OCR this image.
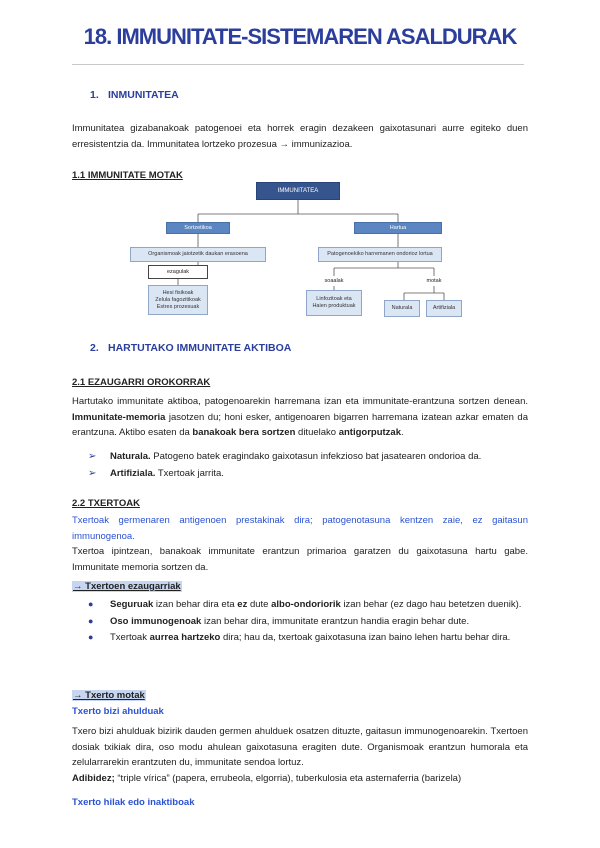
18. IMMUNITATE-SISTEMAREN ASALDURAK
1. INMUNITATEA
Immunitatea gizabanakoak patogenoei eta horrek eragin dezakeen gaixotasunari aurre egiteko duen erresistentzia da. Immunitatea lortzeko prozesua → immunizazioa.
1.1 IMMUNITATE MOTAK
IMMUNITATEA
Sortzetikoa	Hartua
Organismoak jaiotzetik daukan erasoena	Patogenoekiko harremanen ondorioz lortua
ezagulak
Hesi fisikoak
Zelula fagozitikoak
Estres prozesuak
soaalak
Linfozitoak eta
Haien produktuak
motak
Naturala	Artifiziala
2. HARTUTAKO IMMUNITATE AKTIBOA
2.1 EZAUGARRI OROKORRAK
Hartutako immunitate aktiboa, patogenoarekin harremana izan eta immunitate-erantzuna sortzen denean. Immunitate-memoria jasotzen du; honi esker, antigenoaren bigarren harremana izatean azkar ematen da erantzuna. Aktibo esaten da banakoak bera sortzen dituelako antigorputzak.
➢ Naturala. Patogeno batek eragindako gaixotasun infekzioso bat jasatearen ondorioa da.
➢ Artifiziala. Txertoak jarrita.
2.2 TXERTOAK
Txertoak germenaren antigenoen prestakinak dira; patogenotasuna kentzen zaie, ez gaitasun immunogenoa.
Txertoa ipintzean, banakoak immunitate erantzun primarioa garatzen du gaixotasuna hartu gabe. Immunitate memoria sortzen da.
→ Txertoen ezaugarriak
● Seguruak izan behar dira eta ez dute albo-ondoriorik izan behar (ez dago hau betetzen duenik).
● Oso immunogenoak izan behar dira, immunitate erantzun handia eragin behar dute.
● Txertoak aurrea hartzeko dira; hau da, txertoak gaixotasuna izan baino lehen hartu behar dira.
→ Txerto motak
Txerto bizi ahulduak
Txero bizi ahulduak bizirik dauden germen ahulduek osatzen dituzte, gaitasun immunogenoarekin. Txertoen dosiak txikiak dira, oso modu ahulean gaixotasuna eragiten dute. Organismoak erantzun humorala eta zelularrarekin erantzuten du, immunitate sendoa lortuz.
Adibidez; “triple vírica” (papera, errubeola, elgorria), tuberkulosia eta asternaferria (barizela)
Txerto hilak edo inaktiboak
